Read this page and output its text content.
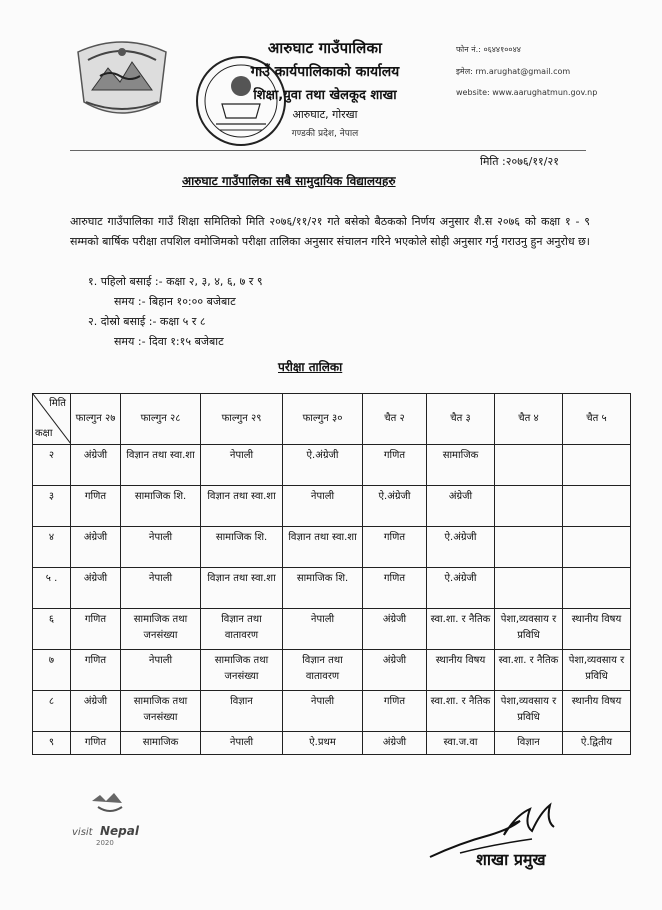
आरुघाट गाउँपालिका
गाउँ कार्यपालिकाको कार्यालय
शिक्षा,युवा तथा खेलकूद शाखा
आरुघाट, गोरखा
गण्डकी प्रदेश, नेपाल
फोन नं.: ०६४४१००४४
इमेल: rm.arughat@gmail.com
website: www.aarughatmun.gov.np
मिति :२०७६/११/२१
आरुघाट गाउँपालिका सबै सामुदायिक विद्यालयहरु
आरुघाट गाउँपालिका गाउँ शिक्षा समितिको मिति २०७६/११/२१ गते बसेको बैठकको निर्णय अनुसार शै.स २०७६ को कक्षा १ - ९ सम्मको बार्षिक परीक्षा तपशिल वमोजिमको परीक्षा तालिका अनुसार संचालन गरिने भएकोले सोही अनुसार गर्नु गराउनु हुन अनुरोध छ।
१. पहिलो बसाई :- कक्षा २, ३, ४, ६, ७ र ९
समय :- बिहान १०:०० बजेबाट
२. दोस्रो बसाई :- कक्षा ५ र ८
समय :- दिवा १:१५ बजेबाट
परीक्षा तालिका
मिति
कक्षा	फाल्गुन २७	फाल्गुन २८	फाल्गुन २९	फाल्गुन ३०	चैत २	चैत ३	चैत ४	चैत ५
२	अंग्रेजी	विज्ञान तथा स्वा.शा	नेपाली	ऐ.अंग्रेजी	गणित	सामाजिक		
३	गणित	सामाजिक शि.	विज्ञान तथा स्वा.शा	नेपाली	ऐ.अंग्रेजी	अंग्रेजी		
४	अंग्रेजी	नेपाली	सामाजिक शि.	विज्ञान तथा स्वा.शा	गणित	ऐ.अंग्रेजी		
५ .	अंग्रेजी	नेपाली	विज्ञान तथा स्वा.शा	सामाजिक शि.	गणित	ऐ.अंग्रेजी		
६	गणित	सामाजिक तथा जनसंख्या	विज्ञान तथा वातावरण	नेपाली	अंग्रेजी	स्वा.शा. र नैतिक	पेशा,व्यवसाय र प्रविधि	स्थानीय विषय
७	गणित	नेपाली	सामाजिक तथा जनसंख्या	विज्ञान तथा वातावरण	अंग्रेजी	स्थानीय विषय	स्वा.शा. र नैतिक	पेशा,व्यवसाय र प्रविधि
८	अंग्रेजी	सामाजिक तथा जनसंख्या	विज्ञान	नेपाली	गणित	स्वा.शा. र नैतिक	पेशा,व्यवसाय र प्रविधि	स्थानीय विषय
९	गणित	सामाजिक	नेपाली	ऐ.प्रथम	अंग्रेजी	स्वा.ज.वा	विज्ञान	ऐ.द्वितीय
visit Nepal
2020
शाखा प्रमुख
